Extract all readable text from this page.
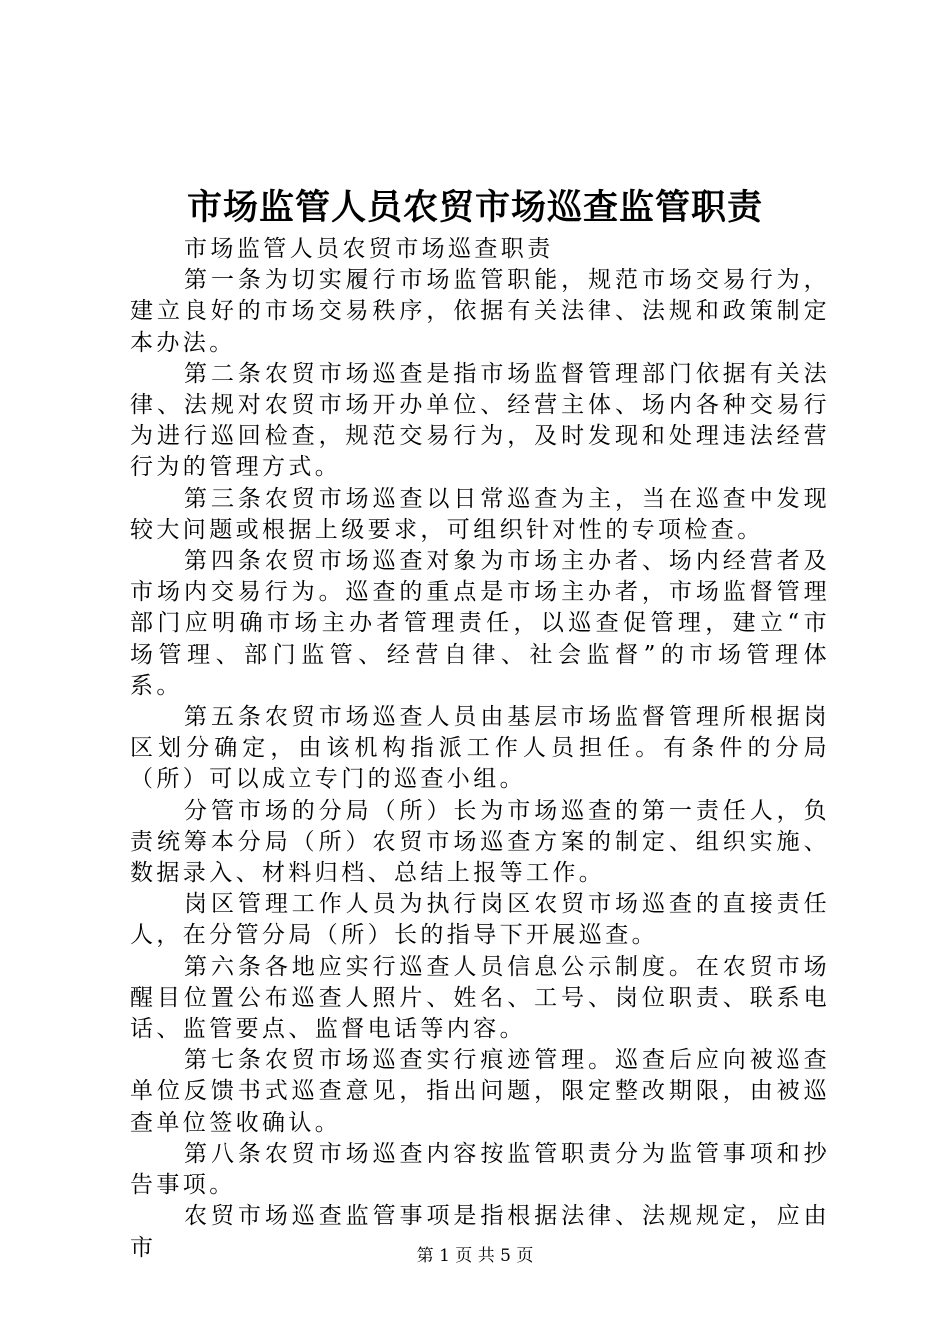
市场监管人员农贸市场巡查监管职责

市场监管人员农贸市场巡查职责

第一条为切实履行市场监管职能，规范市场交易行为，建立良好的市场交易秩序，依据有关法律、法规和政策制定本办法。

第二条农贸市场巡查是指市场监督管理部门依据有关法律、法规对农贸市场开办单位、经营主体、场内各种交易行为进行巡回检查，规范交易行为，及时发现和处理违法经营行为的管理方式。

第三条农贸市场巡查以日常巡查为主，当在巡查中发现较大问题或根据上级要求，可组织针对性的专项检查。

第四条农贸市场巡查对象为市场主办者、场内经营者及市场内交易行为。巡查的重点是市场主办者，市场监督管理部门应明确市场主办者管理责任，以巡查促管理，建立“市场管理、部门监管、经营自律、社会监督”的市场管理体系。

第五条农贸市场巡查人员由基层市场监督管理所根据岗区划分确定，由该机构指派工作人员担任。有条件的分局（所）可以成立专门的巡查小组。

分管市场的分局（所）长为市场巡查的第一责任人，负责统筹本分局（所）农贸市场巡查方案的制定、组织实施、数据录入、材料归档、总结上报等工作。

岗区管理工作人员为执行岗区农贸市场巡查的直接责任人，在分管分局（所）长的指导下开展巡查。

第六条各地应实行巡查人员信息公示制度。在农贸市场醒目位置公布巡查人照片、姓名、工号、岗位职责、联系电话、监管要点、监督电话等内容。

第七条农贸市场巡查实行痕迹管理。巡查后应向被巡查单位反馈书式巡查意见，指出问题，限定整改期限，由被巡查单位签收确认。

第八条农贸市场巡查内容按监管职责分为监管事项和抄告事项。

农贸市场巡查监管事项是指根据法律、法规规定，应由市	第 1 页 共 5 页
